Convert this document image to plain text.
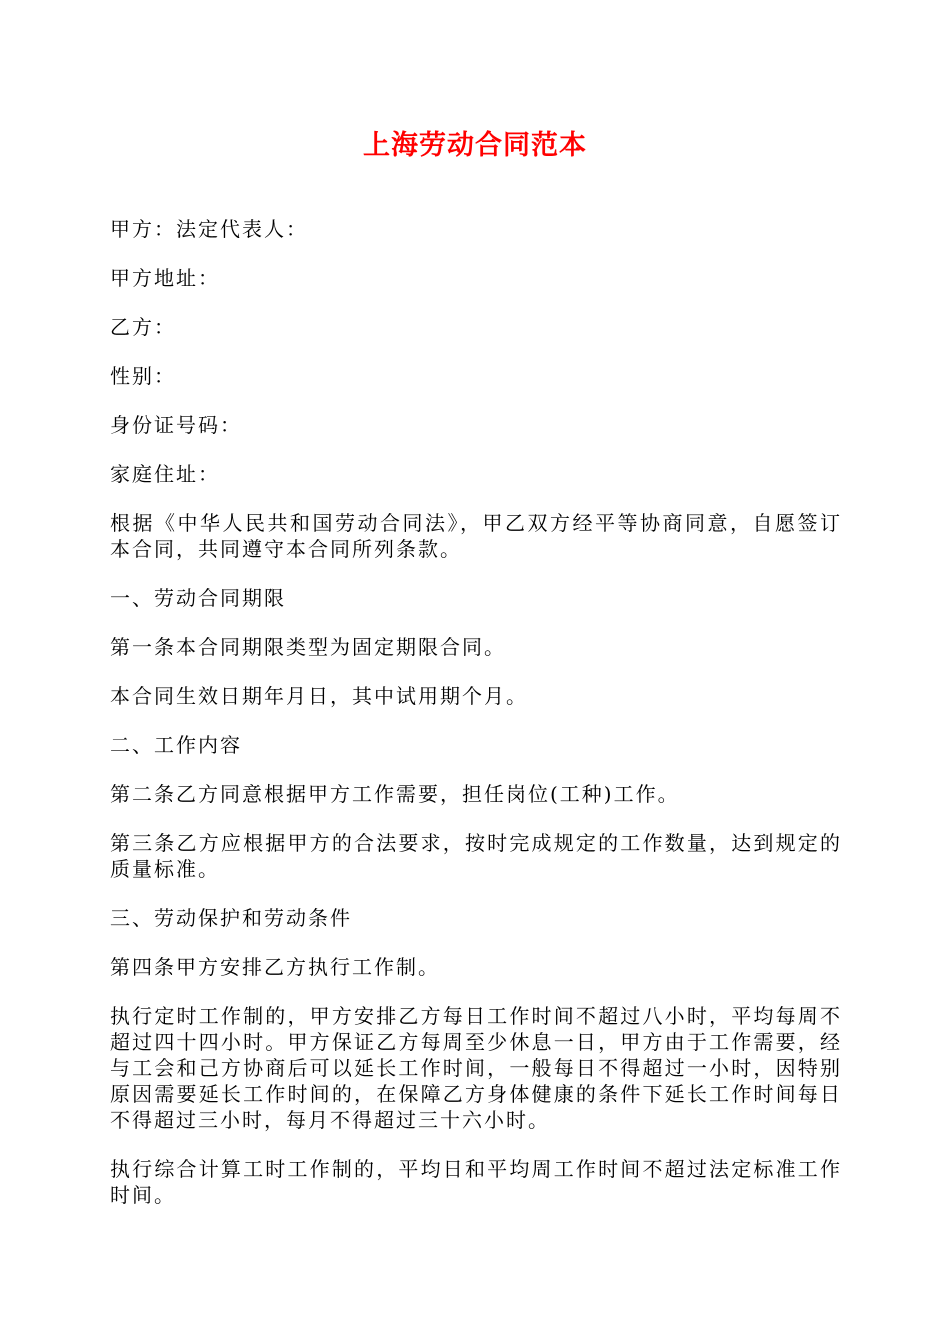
上海劳动合同范本

甲方：法定代表人：

甲方地址：

乙方：

性别：

身份证号码：

家庭住址：

根据《中华人民共和国劳动合同法》，甲乙双方经平等协商同意，自愿签订本合同，共同遵守本合同所列条款。

一、劳动合同期限

第一条本合同期限类型为固定期限合同。

本合同生效日期年月日，其中试用期个月。

二、工作内容

第二条乙方同意根据甲方工作需要，担任岗位(工种)工作。

第三条乙方应根据甲方的合法要求，按时完成规定的工作数量，达到规定的质量标准。

三、劳动保护和劳动条件

第四条甲方安排乙方执行工作制。

执行定时工作制的，甲方安排乙方每日工作时间不超过八小时，平均每周不超过四十四小时。甲方保证乙方每周至少休息一日，甲方由于工作需要，经与工会和己方协商后可以延长工作时间，一般每日不得超过一小时，因特别原因需要延长工作时间的，在保障乙方身体健康的条件下延长工作时间每日不得超过三小时，每月不得超过三十六小时。

执行综合计算工时工作制的，平均日和平均周工作时间不超过法定标准工作时间。
